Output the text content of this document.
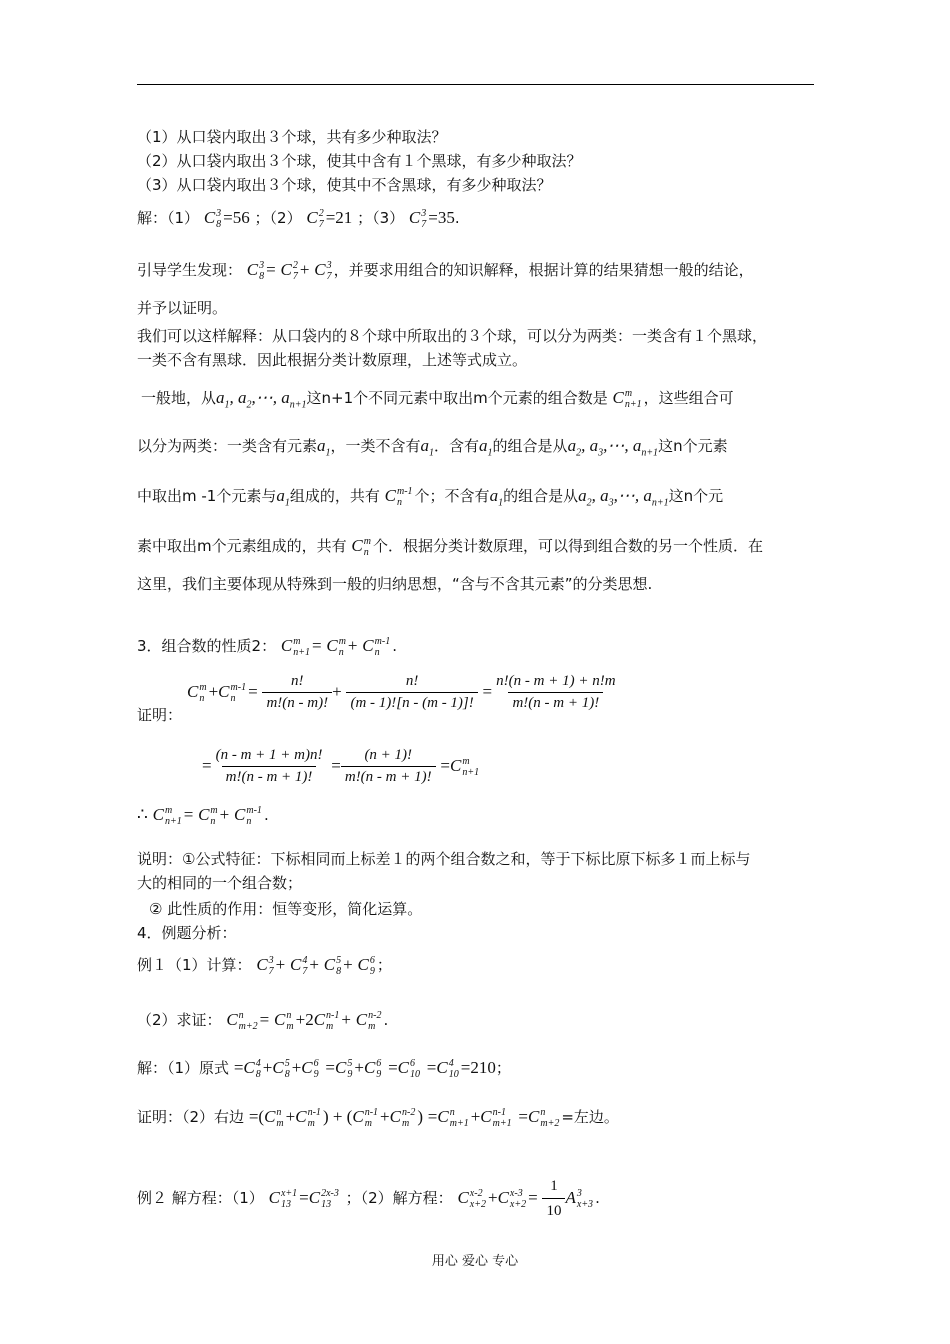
（1）从口袋内取出３个球，共有多少种取法？
（2）从口袋内取出３个球，使其中含有１个黑球，有多少种取法？
（3）从口袋内取出３个球，使其中不含黑球，有多少种取法？
解：（1） C 3
8 =56 ；（2） C 2
7 =21 ；（3） C 3
7 =35.
引导学生发现： C 3
8 = C 2
7 + C 3
7 ，并要求用组合的知识解释，根据计算的结果猜想一般的结论，
并予以证明。
我们可以这样解释：从口袋内的８个球中所取出的３个球，可以分为两类：一类含有１个黑球，
一类不含有黑球．因此根据分类计数原理，上述等式成立。
一般地，从$a_1$, $a_2,\cdots$, $a_{n+1}$这n+1个不同元素中取出m个元素的组合数是 C m
n+1 ，这些组合可
以分为两类：一类含有元素$a_1$，一类不含有$a_1$．含有$a_1$的组合是从$a_2$, $a_3,\cdots$, $a_{n+1}$这n个元素
中取出m -1个元素与$a_1$组成的，共有 C m-1
n 个；不含有$a_1$的组合是从$a_2$, $a_3,\cdots$, $a_{n+1}$这n个元
素中取出m个元素组成的，共有 C m
n 个．根据分类计数原理，可以得到组合数的另一个性质．在
这里，我们主要体现从特殊到一般的归纳思想，“含与不含其元素”的分类思想.
3．组合数的性质2： C m
n+1 = C m
n + C m-1
n .
证明：
C m
n +C m-1
$n = \frac{n!}{m!(n - m)!} + \frac{n!}{(m - 1)![n - (m - 1)]!} = \frac{n!(n - m + 1) + n!m}{m!(n - m + 1)!}$
= $\frac{(n - m + 1 + m)n!}{m!(n - m + 1)!} = \frac{(n + 1)!}{m!(n - m + 1)!} =C$ m
n+1
∴ C m
n+1 = C m
n + C m-1
n .
说明：①公式特征：下标相同而上标差１的两个组合数之和，等于下标比原下标多１而上标与
大的相同的一个组合数；
② 此性质的作用：恒等变形，简化运算。
4．例题分析：
例１（1）计算： C 3
7 + C 4
7 + C 5
8 + C 6
9 ；
（2）求证： C n
m+2 = C n
m +2C n-1
m + C n-2
m .
解：（1）原式 =C 4
8 +C 5
8 +C 6
9 =C 5
9 +C 6
9 =C 6
10 =C 4
10 =210；
证明：（2）右边 =(C n
m +C n-1
m ) + (C n-1
m +C n-2
m ) =C n
m+1 +C n-1
m+1 =C n
m+2 =左边。
例２ 解方程：（1） C x+1
13 =C 2x-3
13 ；（2）解方程： C x-2
x+2 +C x-3
$x+2 = \frac{1}{10}$ A 3
x+3 .
用心 爱心 专心
